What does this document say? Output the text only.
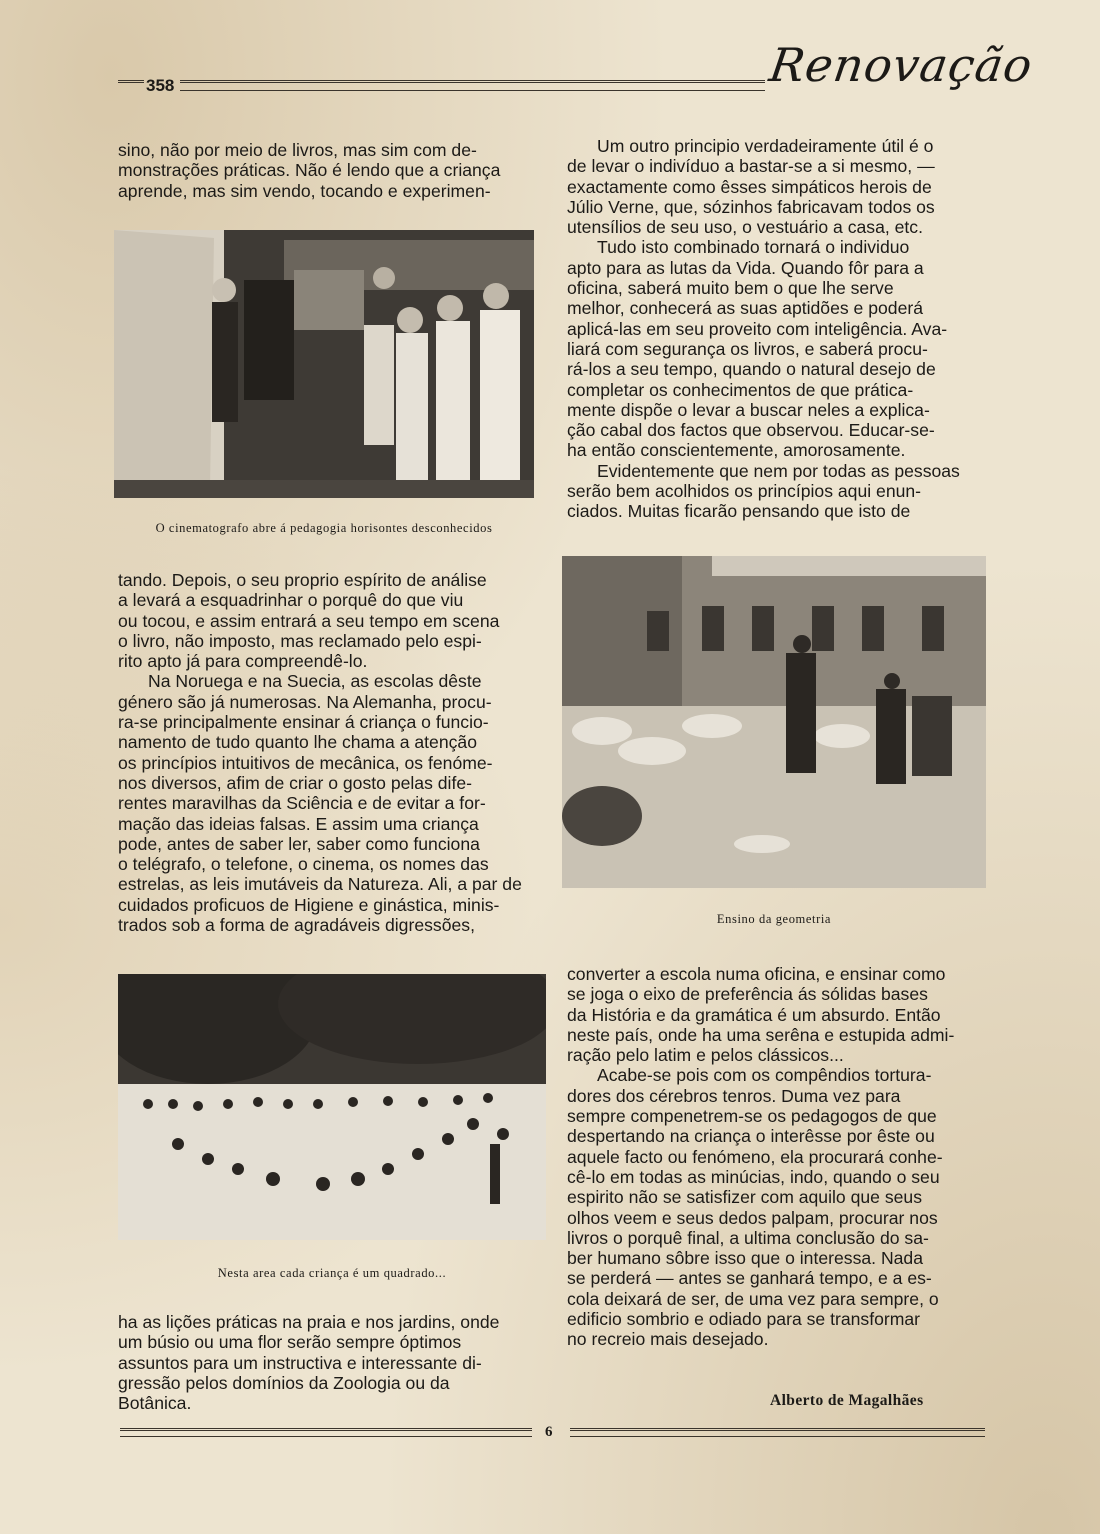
358	Renovação

sino, não por meio de livros, mas sim com de-

monstrações práticas. Não é lendo que a criança

aprende, mas sim vendo, tocando e experimen-

O cinematografo abre á pedagogia horisontes desconhecidos

tando. Depois, o seu proprio espírito de análise

a levará a esquadrinhar o porquê do que viu

ou tocou, e assim entrará a seu tempo em scena

o livro, não imposto, mas reclamado pelo espi-

rito apto já para compreendê-lo.

Na Noruega e na Suecia, as escolas dêste

género são já numerosas. Na Alemanha, procu-

ra-se principalmente ensinar á criança o funcio-

namento de tudo quanto lhe chama a atenção

os princípios intuitivos de mecânica, os fenóme-

nos diversos, afim de criar o gosto pelas dife-

rentes maravilhas da Sciência e de evitar a for-

mação das ideias falsas. E assim uma criança

pode, antes de saber ler, saber como funciona

o telégrafo, o telefone, o cinema, os nomes das

estrelas, as leis imutáveis da Natureza. Ali, a par de

cuidados proficuos de Higiene e ginástica, minis-

trados sob a forma de agradáveis digressões,

Nesta area cada criança é um quadrado...

ha as lições práticas na praia e nos jardins, onde

um búsio ou uma flor serão sempre óptimos

assuntos para um instructiva e interessante di-

gressão pelos domínios da Zoologia ou da

Botânica.

Um outro principio verdadeiramente útil é o

de levar o indivíduo a bastar-se a si mesmo, —

exactamente como êsses simpáticos herois de

Júlio Verne, que, sózinhos fabricavam todos os

utensílios de seu uso, o vestuário a casa, etc.

Tudo isto combinado tornará o individuo

apto para as lutas da Vida. Quando fôr para a

oficina, saberá muito bem o que lhe serve

melhor, conhecerá as suas aptidões e poderá

aplicá-las em seu proveito com inteligência. Ava-

liará com segurança os livros, e saberá procu-

rá-los a seu tempo, quando o natural desejo de

completar os conhecimentos de que prática-

mente dispõe o levar a buscar neles a explica-

ção cabal dos factos que observou. Educar-se-

ha então conscientemente, amorosamente.

Evidentemente que nem por todas as pessoas

serão bem acolhidos os princípios aqui enun-

ciados. Muitas ficarão pensando que isto de

Ensino da geometria

converter a escola numa oficina, e ensinar como

se joga o eixo de preferência ás sólidas bases

da História e da gramática é um absurdo. Então

neste país, onde ha uma serêna e estupida admi-

ração pelo latim e pelos clássicos...

Acabe-se pois com os compêndios tortura-

dores dos cérebros tenros. Duma vez para

sempre compenetrem-se os pedagogos de que

despertando na criança o interêsse por êste ou

aquele facto ou fenómeno, ela procurará conhe-

cê-lo em todas as minúcias, indo, quando o seu

espirito não se satisfizer com aquilo que seus

olhos veem e seus dedos palpam, procurar nos

livros o porquê final, a ultima conclusão do sa-

ber humano sôbre isso que o interessa. Nada

se perderá — antes se ganhará tempo, e a es-

cola deixará de ser, de uma vez para sempre, o

edificio sombrio e odiado para se transformar

no recreio mais desejado.

Alberto de Magalhães
6
